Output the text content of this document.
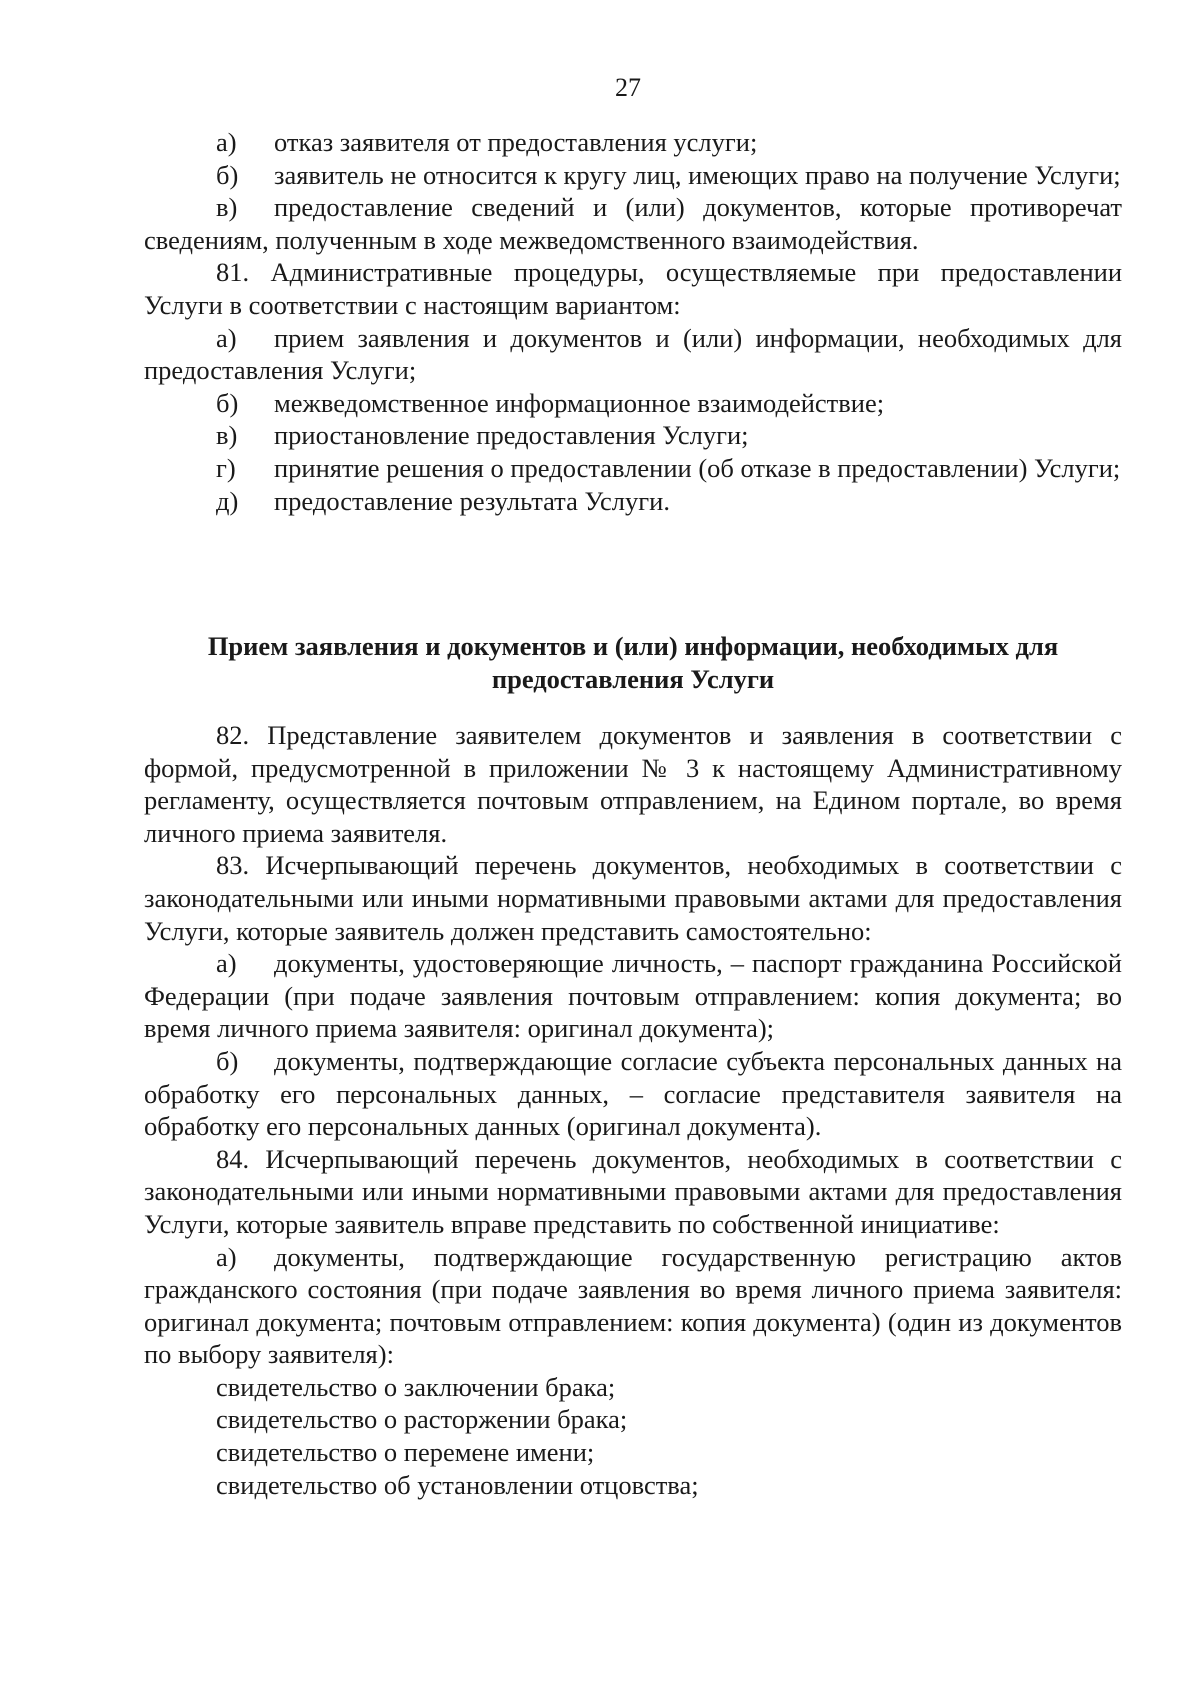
27

а) отказ заявителя от предоставления услуги;

б) заявитель не относится к кругу лиц, имеющих право на получение Услуги;

в) предоставление сведений и (или) документов, которые противоречат сведениям, полученным в ходе межведомственного взаимодействия.

81. Административные процедуры, осуществляемые при предоставлении Услуги в соответствии с настоящим вариантом:

а) прием заявления и документов и (или) информации, необходимых для предоставления Услуги;

б) межведомственное информационное взаимодействие;

в) приостановление предоставления Услуги;

г) принятие решения о предоставлении (об отказе в предоставлении) Услуги;

д) предоставление результата Услуги.

Прием заявления и документов и (или) информации, необходимых для предоставления Услуги

82. Представление заявителем документов и заявления в соответствии с формой, предусмотренной в приложении № 3 к настоящему Административному регламенту, осуществляется почтовым отправлением, на Едином портале, во время личного приема заявителя.

83. Исчерпывающий перечень документов, необходимых в соответствии с законодательными или иными нормативными правовыми актами для предоставления Услуги, которые заявитель должен представить самостоятельно:

а) документы, удостоверяющие личность, – паспорт гражданина Российской Федерации (при подаче заявления почтовым отправлением: копия документа; во время личного приема заявителя: оригинал документа);

б) документы, подтверждающие согласие субъекта персональных данных на обработку его персональных данных, – согласие представителя заявителя на обработку его персональных данных (оригинал документа).

84. Исчерпывающий перечень документов, необходимых в соответствии с законодательными или иными нормативными правовыми актами для предоставления Услуги, которые заявитель вправе представить по собственной инициативе:

а) документы, подтверждающие государственную регистрацию актов гражданского состояния (при подаче заявления во время личного приема заявителя: оригинал документа; почтовым отправлением: копия документа) (один из документов по выбору заявителя):

свидетельство о заключении брака;

свидетельство о расторжении брака;

свидетельство о перемене имени;

свидетельство об установлении отцовства;
